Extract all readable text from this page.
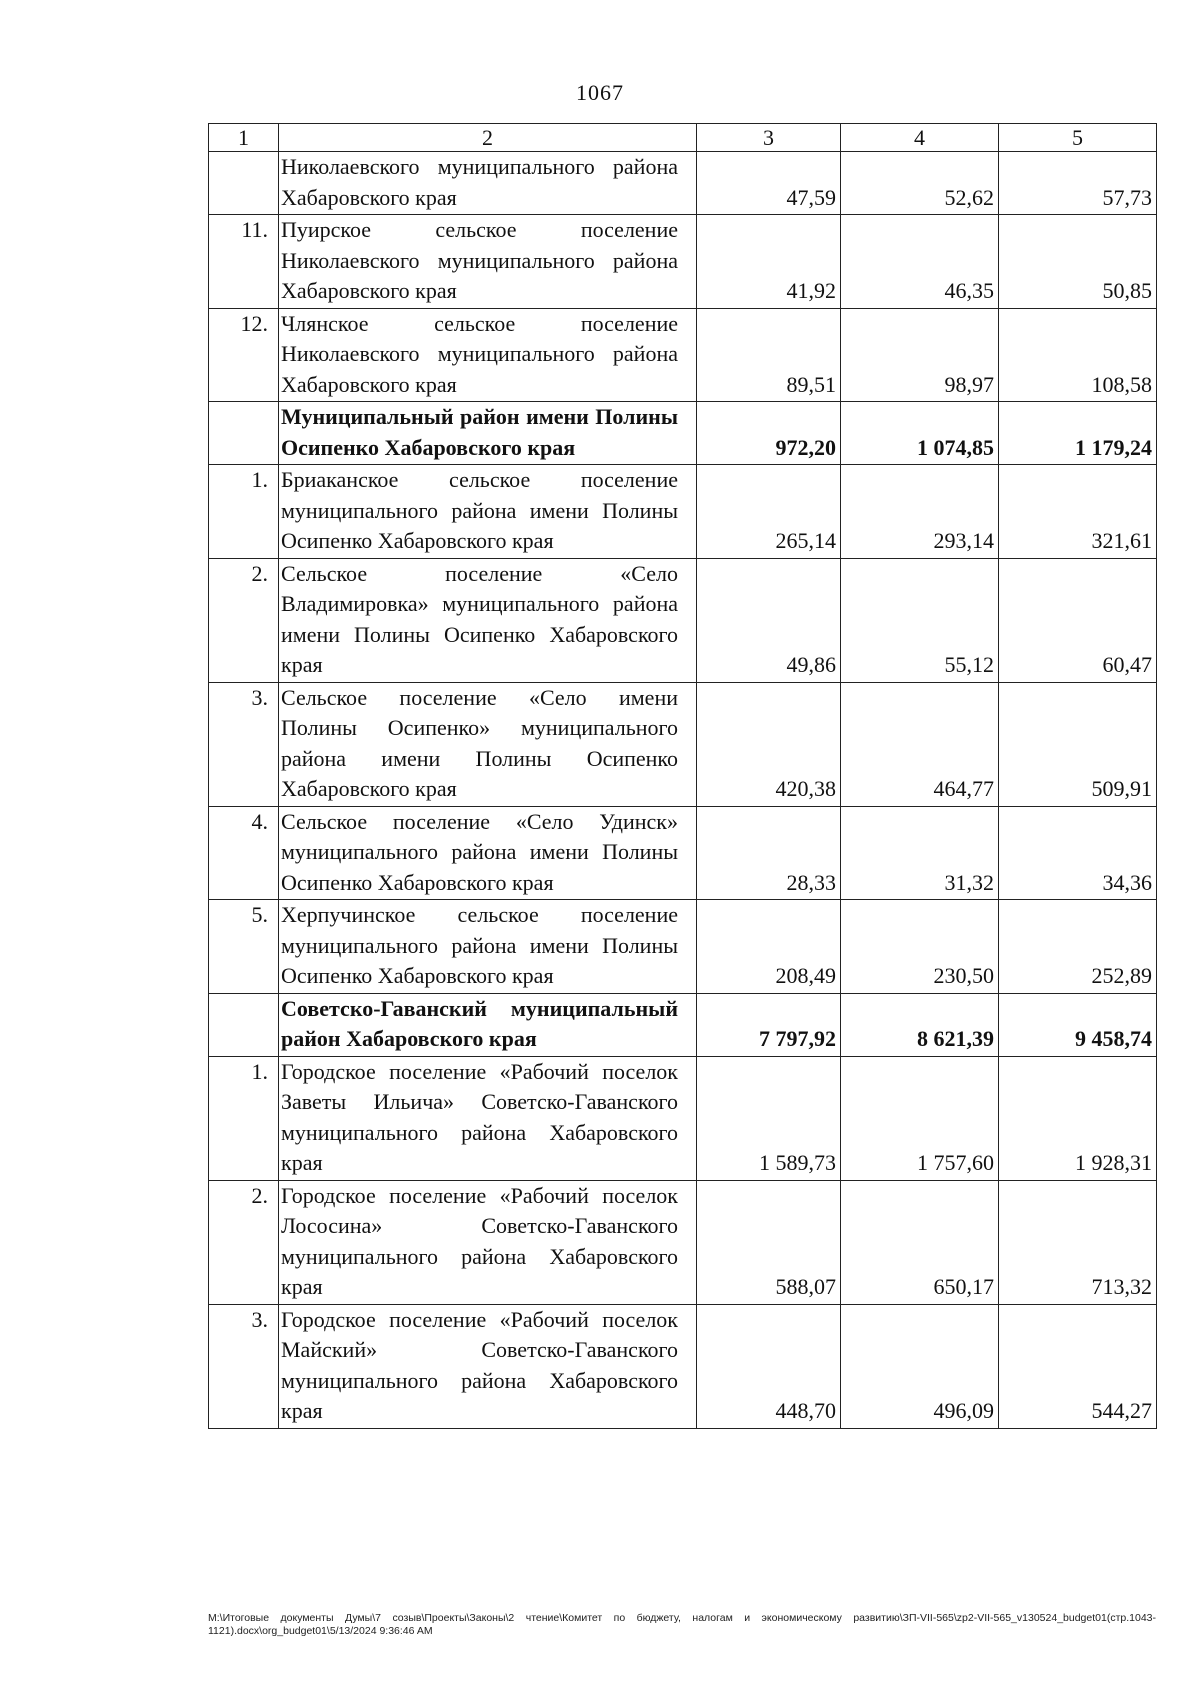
1067
1	2	3	4	5
	Николаевского муниципального района Хабаровского края	47,59	52,62	57,73
11.	Пуирское сельское поселение Николаевского муниципального района Хабаровского края	41,92	46,35	50,85
12.	Члянское сельское поселение Николаевского муниципального района Хабаровского края	89,51	98,97	108,58
	Муниципальный район имени Полины Осипенко Хабаровского края	972,20	1 074,85	1 179,24
1.	Бриаканское сельское поселение муниципального района имени Полины Осипенко Хабаровского края	265,14	293,14	321,61
2.	Сельское поселение «Село Владимировка» муниципального района имени Полины Осипенко Хабаровского края	49,86	55,12	60,47
3.	Сельское поселение «Село имени Полины Осипенко» муниципального района имени Полины Осипенко Хабаровского края	420,38	464,77	509,91
4.	Сельское поселение «Село Удинск» муниципального района имени Полины Осипенко Хабаровского края	28,33	31,32	34,36
5.	Херпучинское сельское поселение муниципального района имени Полины Осипенко Хабаровского края	208,49	230,50	252,89
	Советско-Гаванский муниципальный район Хабаровского края	7 797,92	8 621,39	9 458,74
1.	Городское поселение «Рабочий поселок Заветы Ильича» Советско-Гаванского муниципального района Хабаровского края	1 589,73	1 757,60	1 928,31
2.	Городское поселение «Рабочий поселок Лососина» Советско-Гаванского муниципального района Хабаровского края	588,07	650,17	713,32
3.	Городское поселение «Рабочий поселок Майский» Советско-Гаванского муниципального района Хабаровского края	448,70	496,09	544,27
M:\Итоговые документы Думы\7 созыв\Проекты\Законы\2 чтение\Комитет по бюджету, налогам и экономическому развитию\ЗП-VII-565\zp2-VII-565_v130524_budget01(стр.1043-1121).docx\org_budget01\5/13/2024 9:36:46 AM
